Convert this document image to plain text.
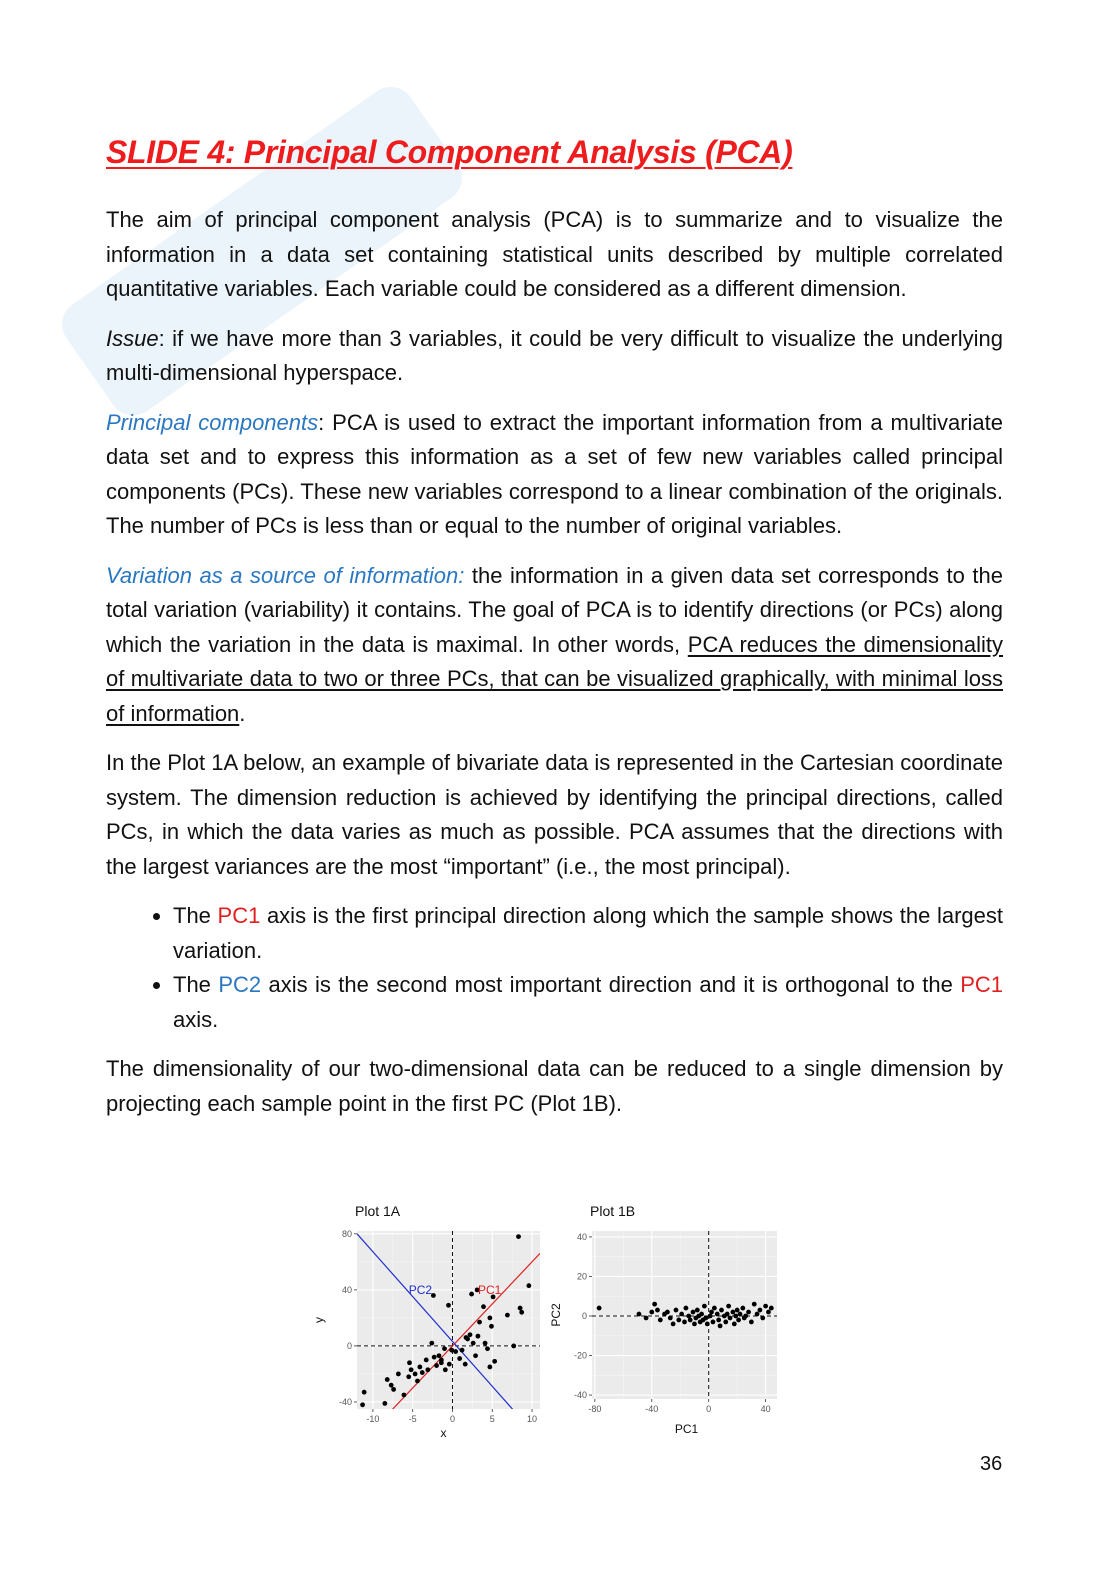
SLIDE 4: Principal Component Analysis (PCA)

The aim of principal component analysis (PCA) is to summarize and to visualize the information in a data set containing statistical units described by multiple correlated quantitative variables. Each variable could be considered as a different dimension.

Issue: if we have more than 3 variables, it could be very difficult to visualize the underlying multi-dimensional hyperspace.

Principal components: PCA is used to extract the important information from a multivariate data set and to express this information as a set of few new variables called principal components (PCs). These new variables correspond to a linear combination of the originals. The number of PCs is less than or equal to the number of original variables.

Variation as a source of information: the information in a given data set corresponds to the total variation (variability) it contains. The goal of PCA is to identify directions (or PCs) along which the variation in the data is maximal. In other words, PCA reduces the dimensionality of multivariate data to two or three PCs, that can be visualized graphically, with minimal loss of information.

In the Plot 1A below, an example of bivariate data is represented in the Cartesian coordinate system. The dimension reduction is achieved by identifying the principal directions, called PCs, in which the data varies as much as possible. PCA assumes that the directions with the largest variances are the most “important” (i.e., the most principal).

• The PC1 axis is the first principal direction along which the sample shows the largest variation.
• The PC2 axis is the second most important direction and it is orthogonal to the PC1 axis.

The dimensionality of our two-dimensional data can be reduced to a single dimension by projecting each sample point in the first PC (Plot 1B).

-10	-5	0	5	10
-40
0
40
80
PC2	PC1
Plot 1A
x
y
-80	-40	0	40
-40
-20
0
20
40
Plot 1B
PC1
PC2
36
